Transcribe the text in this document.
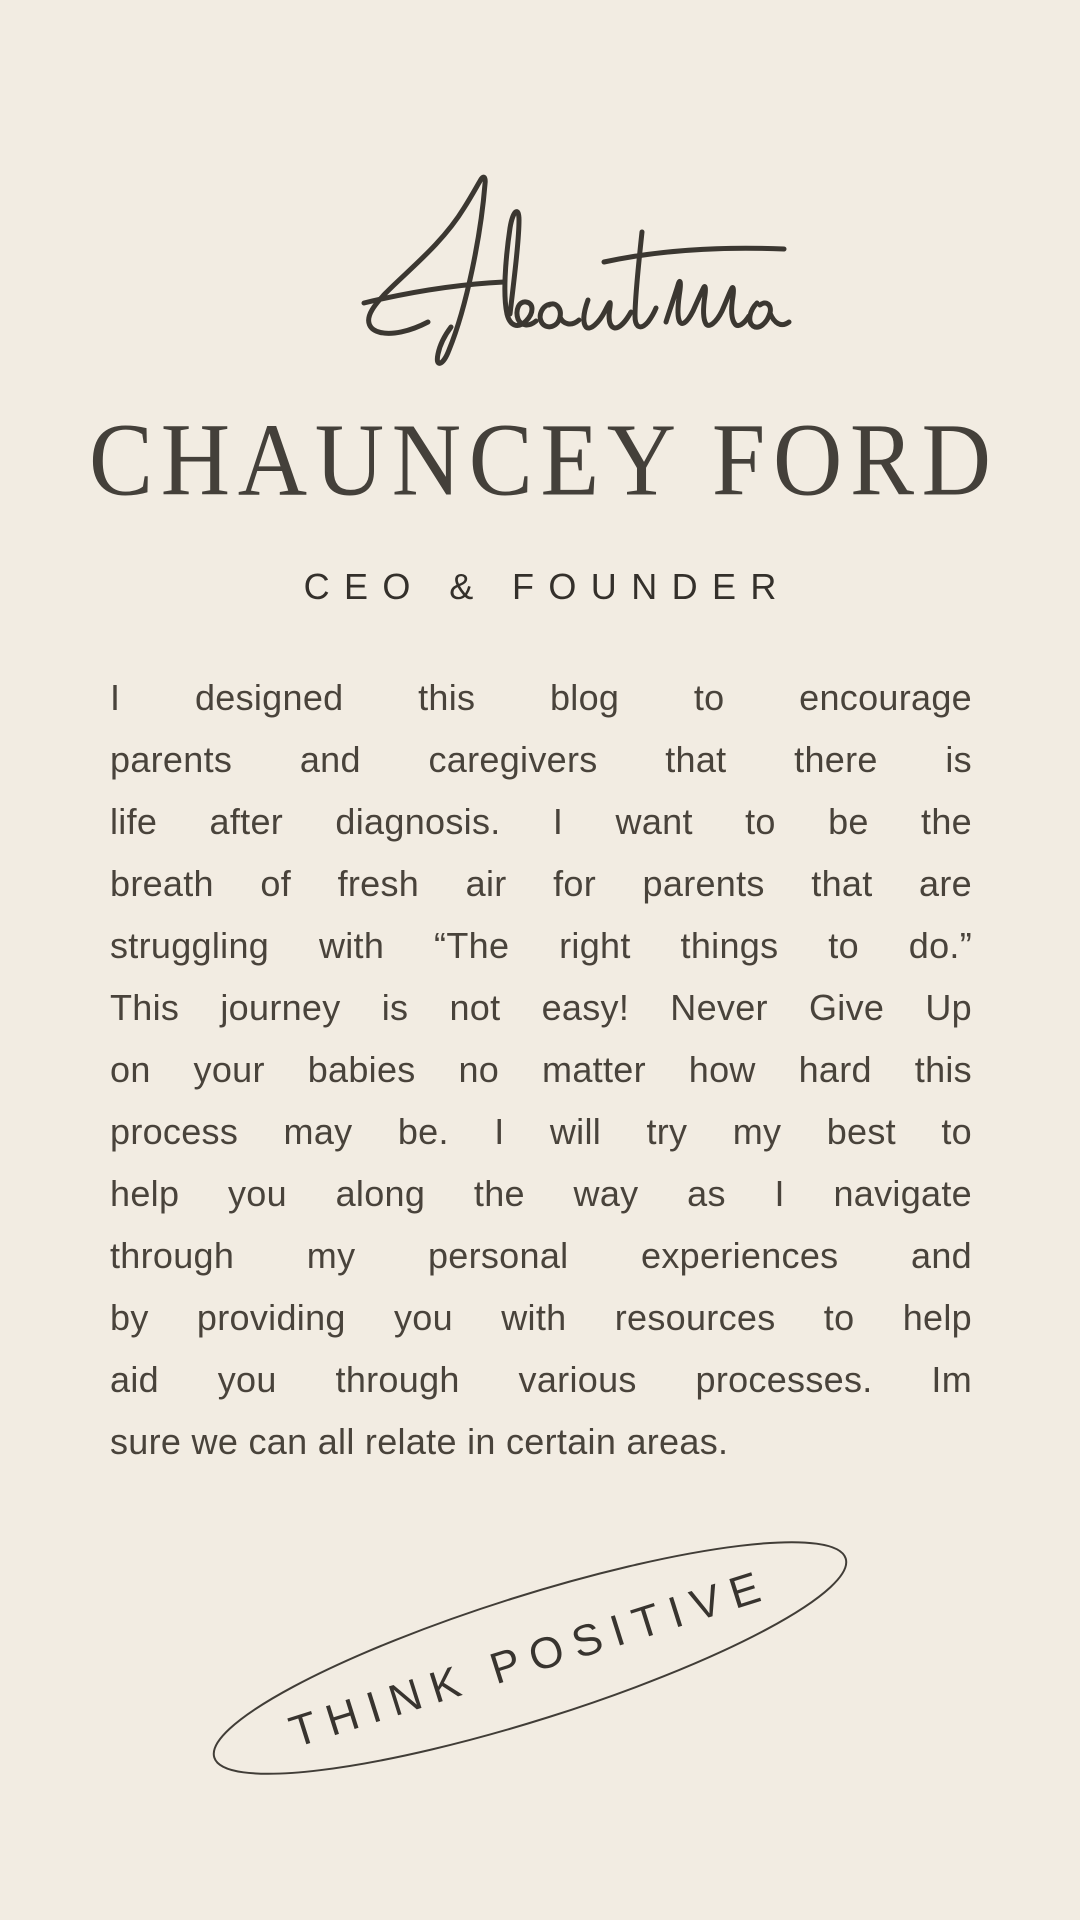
CHAUNCEY FORD
CEO & FOUNDER

I designed this blog to encourage

parents and caregivers that there is

life after diagnosis. I want to be the

breath of fresh air for parents that are

struggling with “The right things to do.”

This journey is not easy! Never Give Up

on your babies no matter how hard this

process may be. I will try my best to

help you along the way as I navigate

through my personal experiences and

by providing you with resources to help

aid you through various processes. Im

sure we can all relate in certain areas.

THINK POSITIVE
